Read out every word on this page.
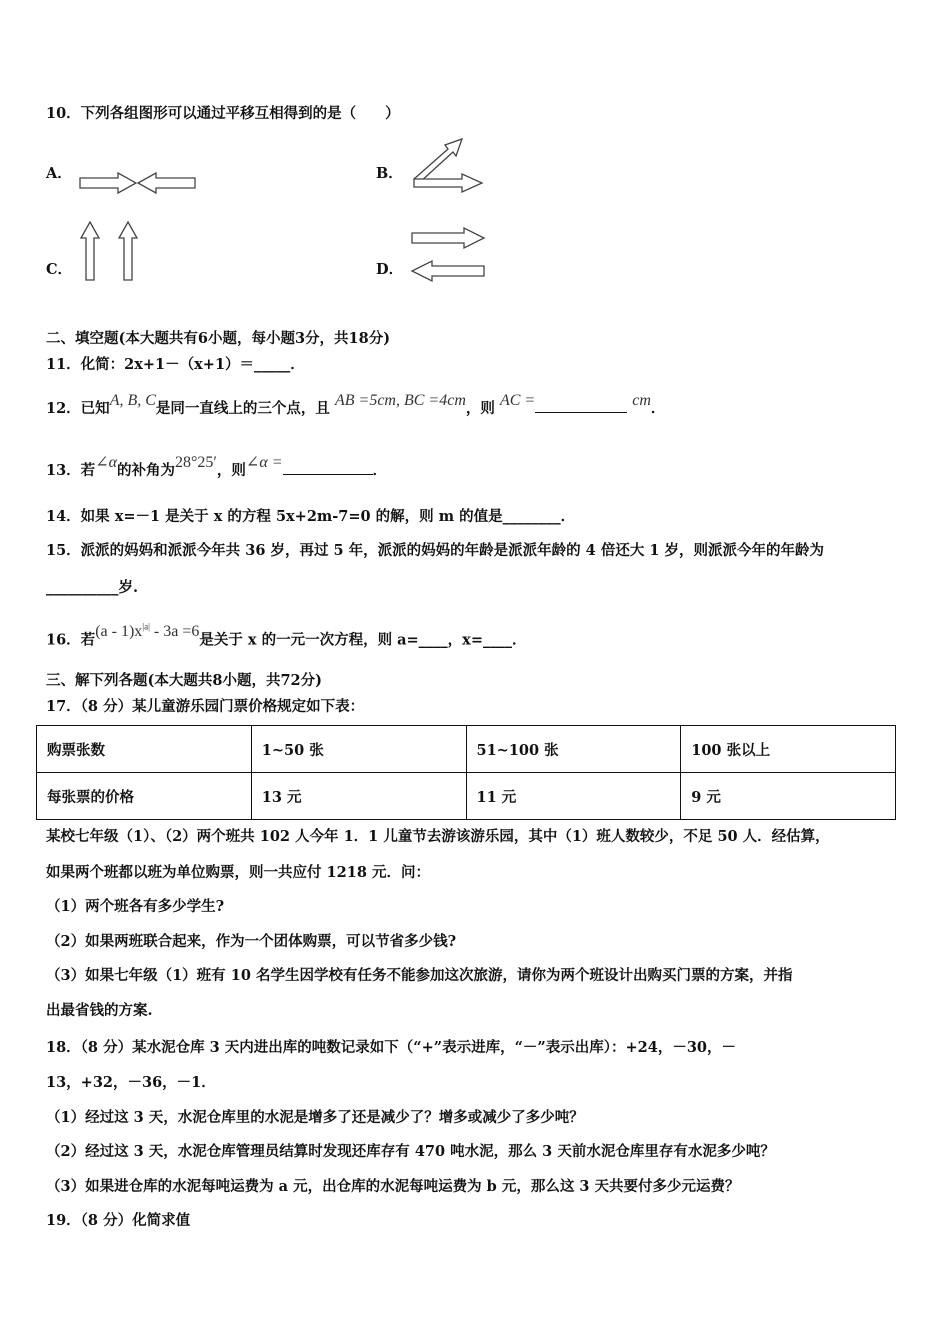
10．下列各组图形可以通过平移互相得到的是（　　）
A．	B．
C．	D．
二、填空题(本大题共有6小题，每小题3分，共18分)
11．化简：2x+1－（x+1）＝_____．
12．已知A, B, C是同一直线上的三个点，且 AB =5cm, BC =4cm，则 AC =	cm．
13．若∠α的补角为28°25′，则∠α =	．
14．如果 x=－1 是关于 x 的方程 5x+2m-7=0 的解，则 m 的值是________．
15．派派的妈妈和派派今年共 36 岁，再过 5 年，派派的妈妈的年龄是派派年龄的 4 倍还大 1 岁，则派派今年的年龄为
__________岁.
16．若$(a - 1)x^{|a|} - 3a =6$是关于 x 的一元一次方程，则 a=____，x=____．
三、解下列各题(本大题共8小题，共72分)
17．（8 分）某儿童游乐园门票价格规定如下表：
购票张数	1~50 张	51~100 张	100 张以上
每张票的价格	13 元	11 元	9 元
某校七年级（1）、（2）两个班共 102 人今年 1．1 儿童节去游该游乐园，其中（1）班人数较少，不足 50 人．经估算，
如果两个班都以班为单位购票，则一共应付 1218 元．问：
（1）两个班各有多少学生?
（2）如果两班联合起来，作为一个团体购票，可以节省多少钱?
（3）如果七年级（1）班有 10 名学生因学校有任务不能参加这次旅游，请你为两个班设计出购买门票的方案，并指
出最省钱的方案.
18．（8 分）某水泥仓库 3 天内进出库的吨数记录如下（“+”表示进库，“－”表示出库）：+24，－30，－
13，+32，－36，－1．
（1）经过这 3 天，水泥仓库里的水泥是增多了还是减少了？增多或减少了多少吨？
（2）经过这 3 天，水泥仓库管理员结算时发现还库存有 470 吨水泥，那么 3 天前水泥仓库里存有水泥多少吨？
（3）如果进仓库的水泥每吨运费为 a 元，出仓库的水泥每吨运费为 b 元，那么这 3 天共要付多少元运费？
19．（8 分）化简求值
